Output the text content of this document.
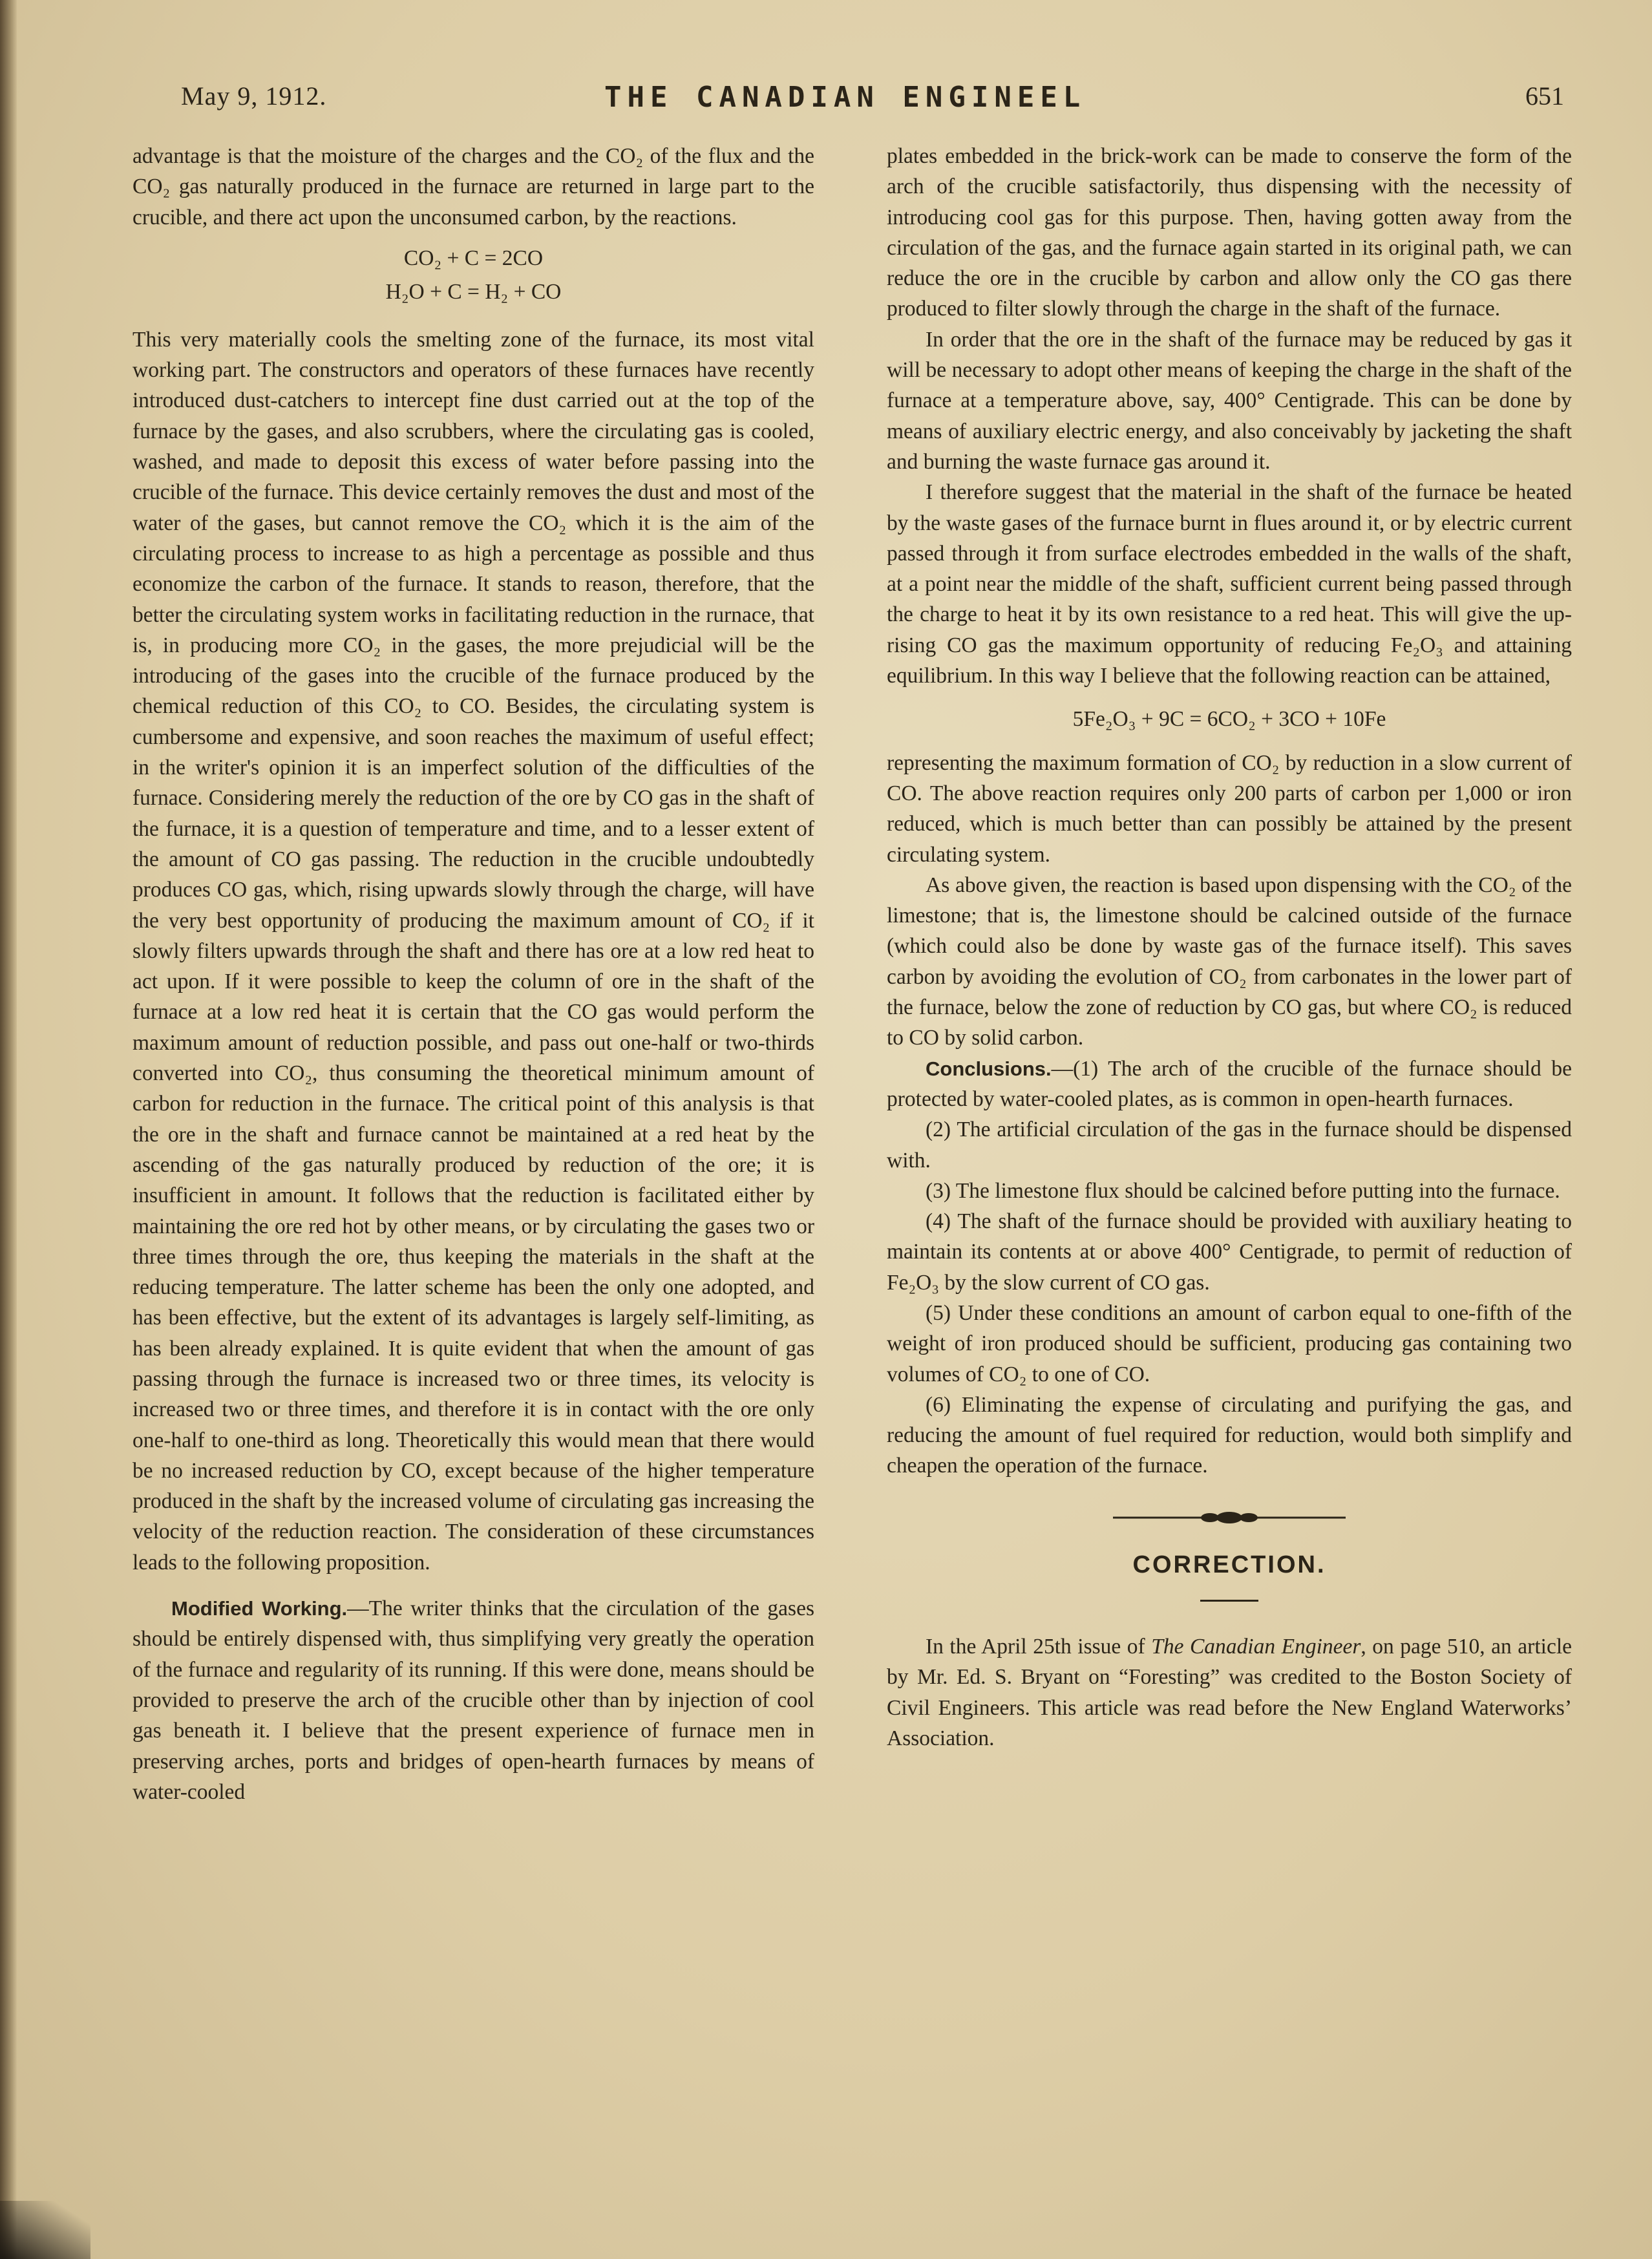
May 9, 1912.	THE CANADIAN ENGINEEL	651

advantage is that the moisture of the charges and the CO₂ of the flux and the CO₂ gas naturally produced in the furnace are returned in large part to the crucible, and there act upon the unconsumed carbon, by the reactions.

CO₂ + C = 2CO
H₂O + C = H₂ + CO

This very materially cools the smelting zone of the furnace, its most vital working part. The constructors and operators of these furnaces have recently introduced dust-catchers to intercept fine dust carried out at the top of the furnace by the gases, and also scrubbers, where the circulating gas is cooled, washed, and made to deposit this excess of water before passing into the crucible of the furnace. This device certainly removes the dust and most of the water of the gases, but cannot remove the CO₂ which it is the aim of the circulating process to increase to as high a percentage as possible and thus economize the carbon of the furnace. It stands to reason, therefore, that the better the circulating system works in facilitating reduction in the rurnace, that is, in producing more CO₂ in the gases, the more prejudicial will be the introducing of the gases into the crucible of the furnace produced by the chemical reduction of this CO₂ to CO. Besides, the circulating system is cumbersome and expensive, and soon reaches the maximum of useful effect; in the writer's opinion it is an imperfect solution of the difficulties of the furnace. Considering merely the reduction of the ore by CO gas in the shaft of the furnace, it is a question of temperature and time, and to a lesser extent of the amount of CO gas passing. The reduction in the crucible undoubtedly produces CO gas, which, rising upwards slowly through the charge, will have the very best opportunity of producing the maximum amount of CO₂ if it slowly filters upwards through the shaft and there has ore at a low red heat to act upon. If it were possible to keep the column of ore in the shaft of the furnace at a low red heat it is certain that the CO gas would perform the maximum amount of reduction possible, and pass out one-half or two-thirds converted into CO₂, thus consuming the theoretical minimum amount of carbon for reduction in the furnace. The critical point of this analysis is that the ore in the shaft and furnace cannot be maintained at a red heat by the ascending of the gas naturally produced by reduction of the ore; it is insufficient in amount. It follows that the reduction is facilitated either by maintaining the ore red hot by other means, or by circulating the gases two or three times through the ore, thus keeping the materials in the shaft at the reducing temperature. The latter scheme has been the only one adopted, and has been effective, but the extent of its advantages is largely self-limiting, as has been already explained. It is quite evident that when the amount of gas passing through the furnace is increased two or three times, its velocity is increased two or three times, and therefore it is in contact with the ore only one-half to one-third as long. Theoretically this would mean that there would be no increased reduction by CO, except because of the higher temperature produced in the shaft by the increased volume of circulating gas increasing the velocity of the reduction reaction. The consideration of these circumstances leads to the following proposition.

Modified Working.—The writer thinks that the circulation of the gases should be entirely dispensed with, thus simplifying very greatly the operation of the furnace and regularity of its running. If this were done, means should be provided to preserve the arch of the crucible other than by injection of cool gas beneath it. I believe that the present experience of furnace men in preserving arches, ports and bridges of open-hearth furnaces by means of water-cooled

plates embedded in the brick-work can be made to conserve the form of the arch of the crucible satisfactorily, thus dispensing with the necessity of introducing cool gas for this purpose. Then, having gotten away from the circulation of the gas, and the furnace again started in its original path, we can reduce the ore in the crucible by carbon and allow only the CO gas there produced to filter slowly through the charge in the shaft of the furnace.

In order that the ore in the shaft of the furnace may be reduced by gas it will be necessary to adopt other means of keeping the charge in the shaft of the furnace at a temperature above, say, 400° Centigrade. This can be done by means of auxiliary electric energy, and also conceivably by jacketing the shaft and burning the waste furnace gas around it.

I therefore suggest that the material in the shaft of the furnace be heated by the waste gases of the furnace burnt in flues around it, or by electric current passed through it from surface electrodes embedded in the walls of the shaft, at a point near the middle of the shaft, sufficient current being passed through the charge to heat it by its own resistance to a red heat. This will give the up-rising CO gas the maximum opportunity of reducing Fe₂O₃ and attaining equilibrium. In this way I believe that the following reaction can be attained,

5Fe₂O₃ + 9C = 6CO₂ + 3CO + 10Fe

representing the maximum formation of CO₂ by reduction in a slow current of CO. The above reaction requires only 200 parts of carbon per 1,000 or iron reduced, which is much better than can possibly be attained by the present circulating system.

As above given, the reaction is based upon dispensing with the CO₂ of the limestone; that is, the limestone should be calcined outside of the furnace (which could also be done by waste gas of the furnace itself). This saves carbon by avoiding the evolution of CO₂ from carbonates in the lower part of the furnace, below the zone of reduction by CO gas, but where CO₂ is reduced to CO by solid carbon.

Conclusions.—(1) The arch of the crucible of the furnace should be protected by water-cooled plates, as is common in open-hearth furnaces.

(2) The artificial circulation of the gas in the furnace should be dispensed with.

(3) The limestone flux should be calcined before putting into the furnace.

(4) The shaft of the furnace should be provided with auxiliary heating to maintain its contents at or above 400° Centigrade, to permit of reduction of Fe₂O₃ by the slow current of CO gas.

(5) Under these conditions an amount of carbon equal to one-fifth of the weight of iron produced should be sufficient, producing gas containing two volumes of CO₂ to one of CO.

(6) Eliminating the expense of circulating and purifying the gas, and reducing the amount of fuel required for reduction, would both simplify and cheapen the operation of the furnace.

CORRECTION.

In the April 25th issue of The Canadian Engineer, on page 510, an article by Mr. Ed. S. Bryant on “Foresting” was credited to the Boston Society of Civil Engineers. This article was read before the New England Waterworks’ Association.
